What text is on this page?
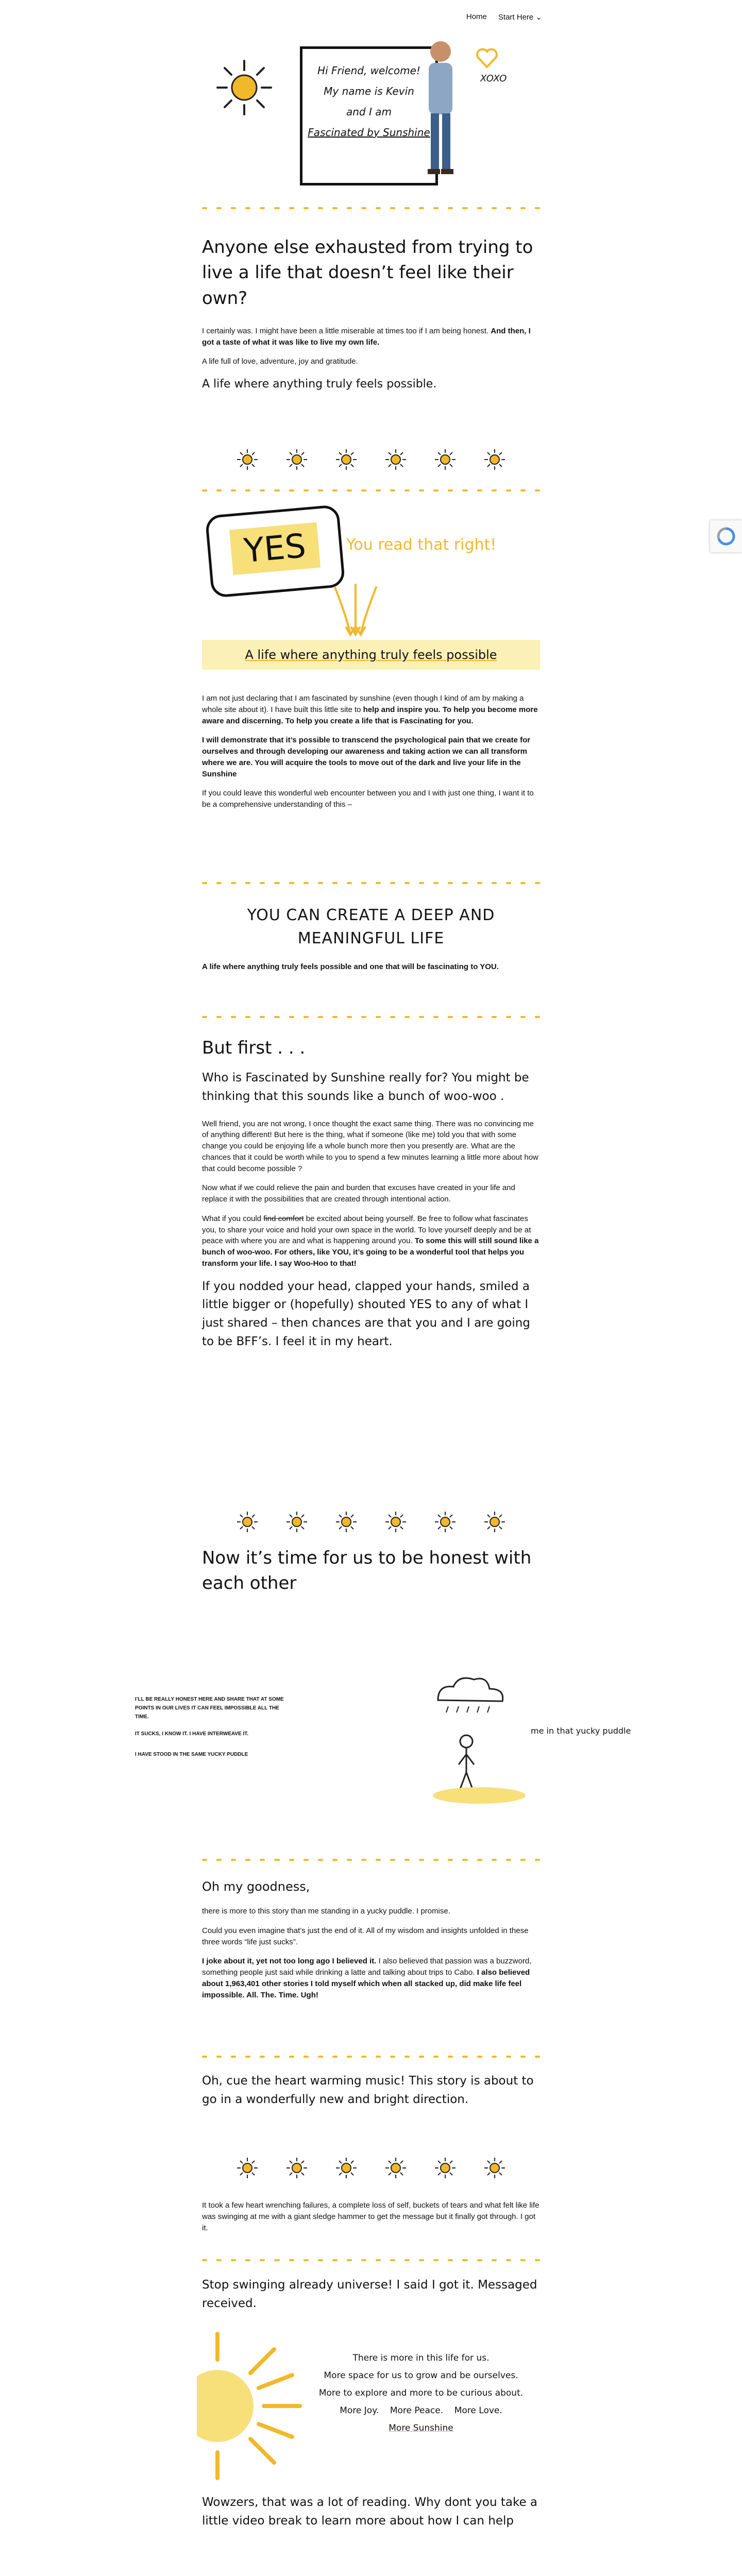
Home Start Here ⌄
Hi Friend, welcome!
My name is Kevin
and I am
Fascinated by Sunshine
XOXO
Anyone else exhausted from trying to live a life that doesn’t feel like their own?

I certainly was. I might have been a little miserable at times too if I am being honest. And then, I got a taste of what it was like to live my own life.

A life full of love, adventure, joy and gratitude.

A life where anything truly feels possible.
YES	You read that right!
A life where anything truly feels possible

I am not just declaring that I am fascinated by sunshine (even though I kind of am by making a whole site about it). I have built this little site to help and inspire you. To help you become more aware and discerning. To help you create a life that is Fascinating for you.

I will demonstrate that it’s possible to transcend the psychological pain that we create for ourselves and through developing our awareness and taking action we can all transform where we are. You will acquire the tools to move out of the dark and live your life in the Sunshine

If you could leave this wonderful web encounter between you and I with just one thing, I want it to be a comprehensive understanding of this –

YOU CAN CREATE A DEEP AND MEANINGFUL LIFE

A life where anything truly feels possible and one that will be fascinating to YOU.

But first . . .
Who is Fascinated by Sunshine really for? You might be thinking that this sounds like a bunch of woo-woo .

Well friend, you are not wrong, I once thought the exact same thing. There was no convincing me of anything different! But here is the thing, what if someone (like me) told you that with some change you could be enjoying life a whole bunch more then you presently are. What are the chances that it could be worth while to you to spend a few minutes learning a little more about how that could become possible ?

Now what if we could relieve the pain and burden that excuses have created in your life and replace it with the possibilities that are created through intentional action.

What if you could find comfort be excited about being yourself. Be free to follow what fascinates you, to share your voice and hold your own space in the world. To love yourself deeply and be at peace with where you are and what is happening around you. To some this will still sound like a bunch of woo-woo. For others, like YOU, it’s going to be a wonderful tool that helps you transform your life. I say Woo-Hoo to that!

If you nodded your head, clapped your hands, smiled a little bigger or (hopefully) shouted YES to any of what I just shared – then chances are that you and I are going to be BFF’s. I feel it in my heart.
Now it’s time for us to be honest with each other
I’LL BE REALLY HONEST HERE AND SHARE THAT AT SOME POINTS IN OUR LIVES IT CAN FEEL IMPOSSIBLE ALL THE TIME.
IT SUCKS, I KNOW IT. I HAVE INTERWEAVE IT.
I HAVE STOOD IN THE SAME YUCKY PUDDLE
me in that yucky puddle
Oh my goodness,

there is more to this story than me standing in a yucky puddle. I promise.

Could you even imagine that’s just the end of it. All of my wisdom and insights unfolded in these three words “life just sucks”.

I joke about it, yet not too long ago I believed it. I also believed that passion was a buzzword, something people just said while drinking a latte and talking about trips to Cabo. I also believed about 1,963,401 other stories I told myself which when all stacked up, did make life feel impossible. All. The. Time. Ugh!

Oh, cue the heart warming music! This story is about to go in a wonderfully new and bright direction.

It took a few heart wrenching failures, a complete loss of self, buckets of tears and what felt like life was swinging at me with a giant sledge hammer to get the message but it finally got through. I got it.

Stop swinging already universe! I said I got it. Messaged received.
There is more in this life for us.
More space for us to grow and be ourselves.
More to explore and more to be curious about.
More Joy.    More Peace.    More Love.
More Sunshine
Wowzers, that was a lot of reading. Why dont you take a little video break to learn more about how I can help
